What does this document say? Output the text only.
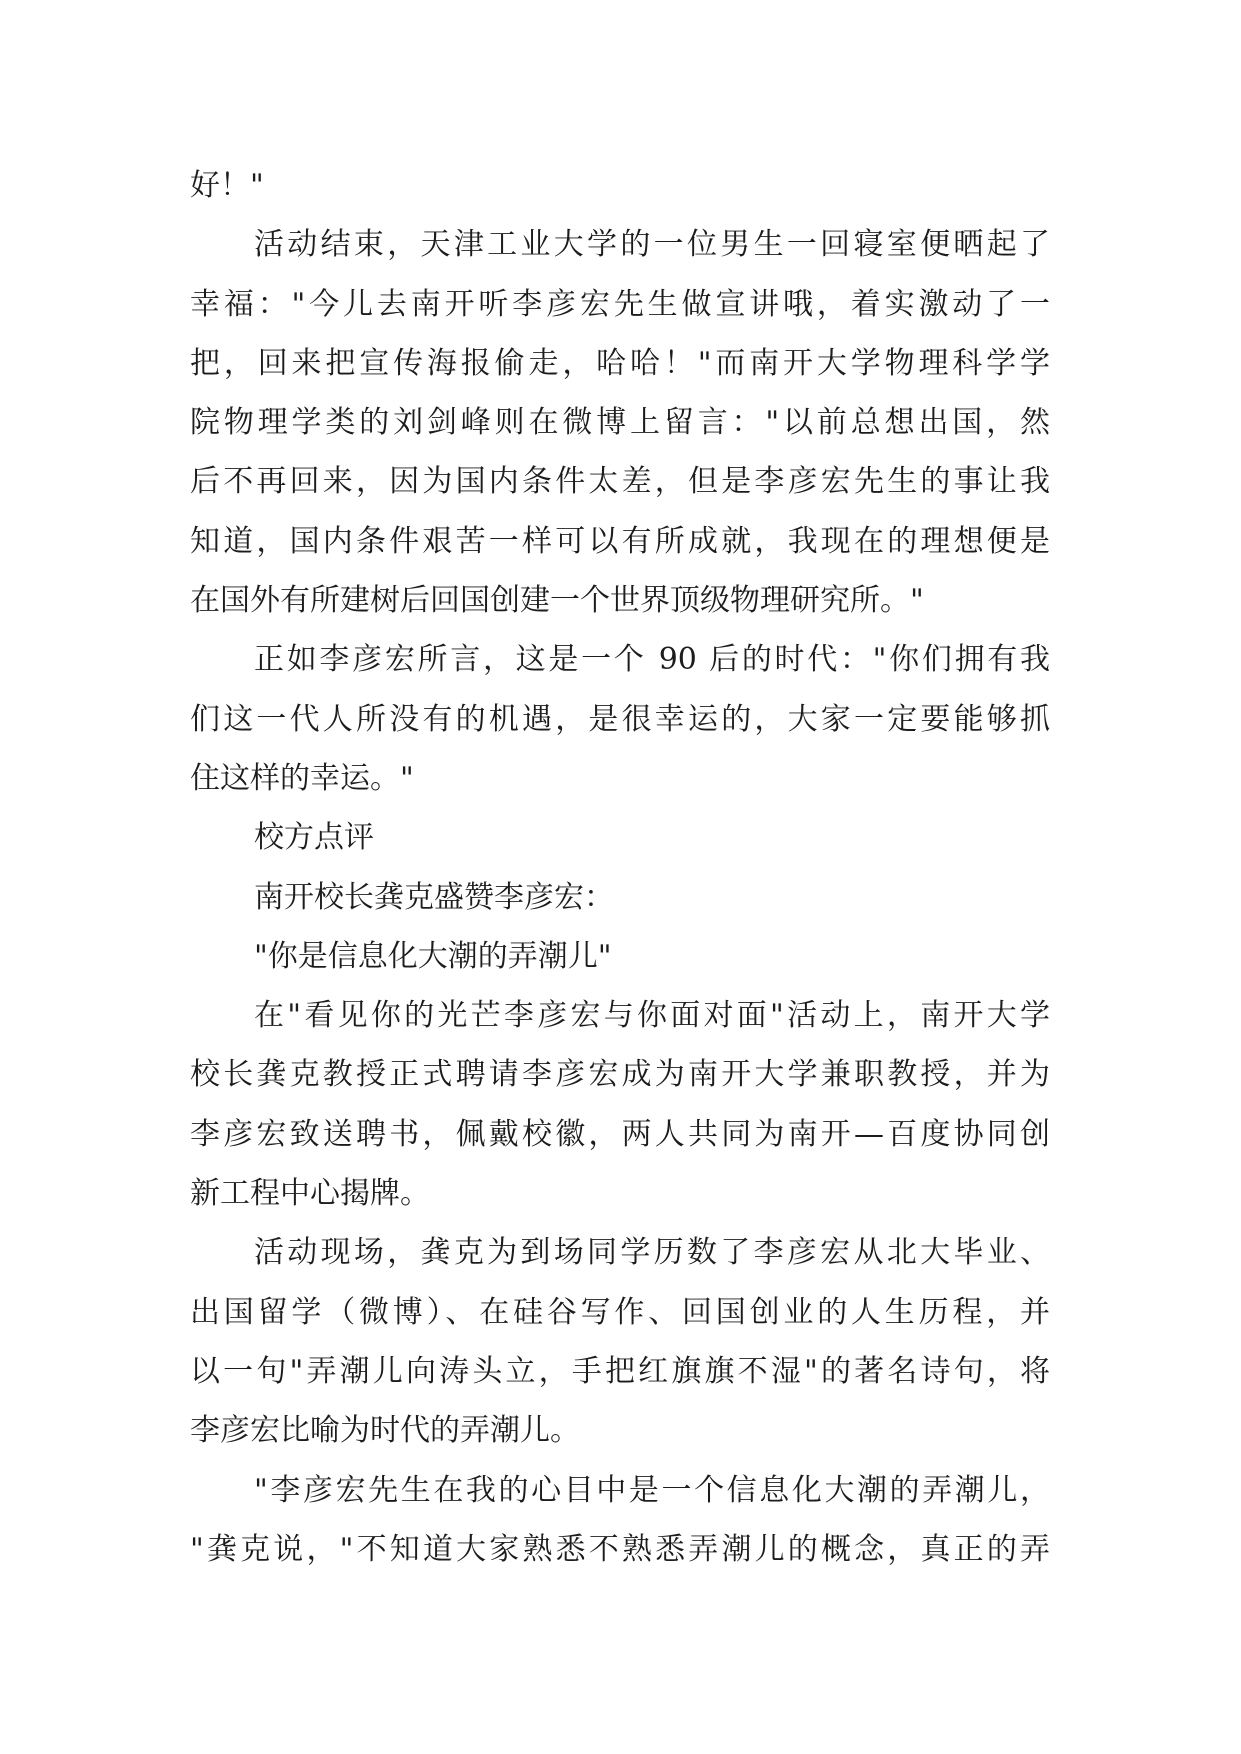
好！"
活动结束，天津工业大学的一位男生一回寝室便晒起了
幸福："今儿去南开听李彦宏先生做宣讲哦，着实激动了一
把，回来把宣传海报偷走，哈哈！"而南开大学物理科学学
院物理学类的刘剑峰则在微博上留言："以前总想出国，然
后不再回来，因为国内条件太差，但是李彦宏先生的事让我
知道，国内条件艰苦一样可以有所成就，我现在的理想便是
在国外有所建树后回国创建一个世界顶级物理研究所。"
正如李彦宏所言，这是一个 90 后的时代："你们拥有我
们这一代人所没有的机遇，是很幸运的，大家一定要能够抓
住这样的幸运。"
校方点评
南开校长龚克盛赞李彦宏：
"你是信息化大潮的弄潮儿"
在"看见你的光芒李彦宏与你面对面"活动上，南开大学
校长龚克教授正式聘请李彦宏成为南开大学兼职教授，并为
李彦宏致送聘书，佩戴校徽，两人共同为南开—百度协同创
新工程中心揭牌。
活动现场，龚克为到场同学历数了李彦宏从北大毕业、
出国留学（微博）、在硅谷写作、回国创业的人生历程，并
以一句"弄潮儿向涛头立，手把红旗旗不湿"的著名诗句，将
李彦宏比喻为时代的弄潮儿。
"李彦宏先生在我的心目中是一个信息化大潮的弄潮儿，
"龚克说，"不知道大家熟悉不熟悉弄潮儿的概念，真正的弄
